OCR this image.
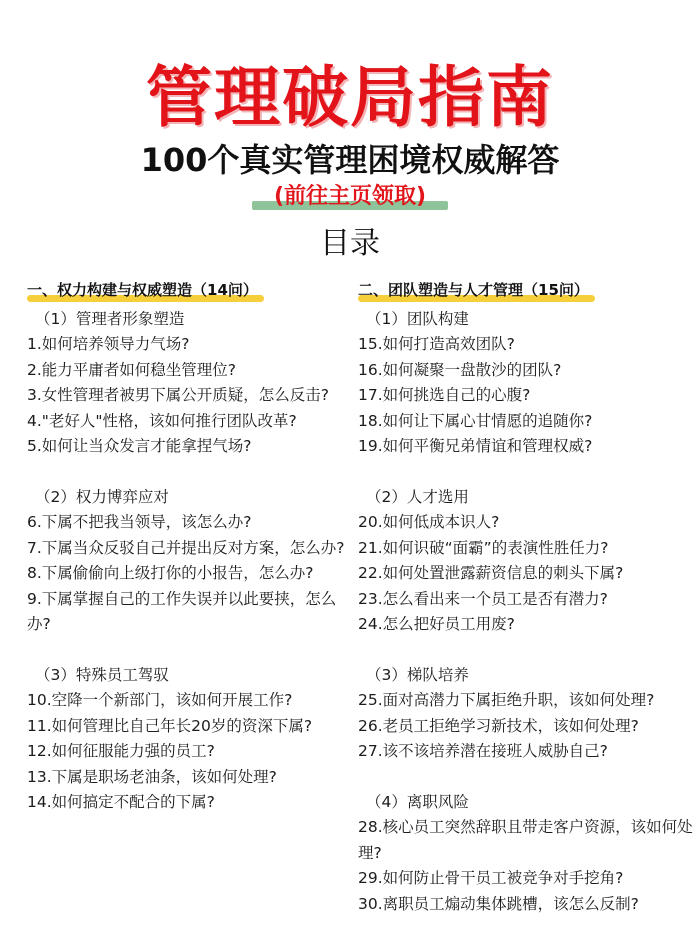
管理破局指南
100个真实管理困境权威解答
(前往主页领取)
目录
一、权力构建与权威塑造（14问）
（1）管理者形象塑造
1.如何培养领导力气场?
2.能力平庸者如何稳坐管理位?
3.女性管理者被男下属公开质疑，怎么反击?
4."老好人"性格，该如何推行团队改革?
5.如何让当众发言才能拿捏气场?
（2）权力博弈应对
6.下属不把我当领导，该怎么办?
7.下属当众反驳自己并提出反对方案，怎么办?
8.下属偷偷向上级打你的小报告，怎么办?
9.下属掌握自己的工作失误并以此要挟，怎么办?
（3）特殊员工驾驭
10.空降一个新部门，该如何开展工作?
11.如何管理比自己年长20岁的资深下属?
12.如何征服能力强的员工?
13.下属是职场老油条，该如何处理?
14.如何搞定不配合的下属?
二、团队塑造与人才管理（15问）
（1）团队构建
15.如何打造高效团队?
16.如何凝聚一盘散沙的团队?
17.如何挑选自己的心腹?
18.如何让下属心甘情愿的追随你?
19.如何平衡兄弟情谊和管理权威?
（2）人才选用
20.如何低成本识人?
21.如何识破“面霸”的表演性胜任力?
22.如何处置泄露薪资信息的刺头下属?
23.怎么看出来一个员工是否有潜力?
24.怎么把好员工用废?
（3）梯队培养
25.面对高潜力下属拒绝升职，该如何处理?
26.老员工拒绝学习新技术，该如何处理?
27.该不该培养潜在接班人威胁自己?
（4）离职风险
28.核心员工突然辞职且带走客户资源，该如何处理?
29.如何防止骨干员工被竞争对手挖角?
30.离职员工煽动集体跳槽，该怎么反制?
